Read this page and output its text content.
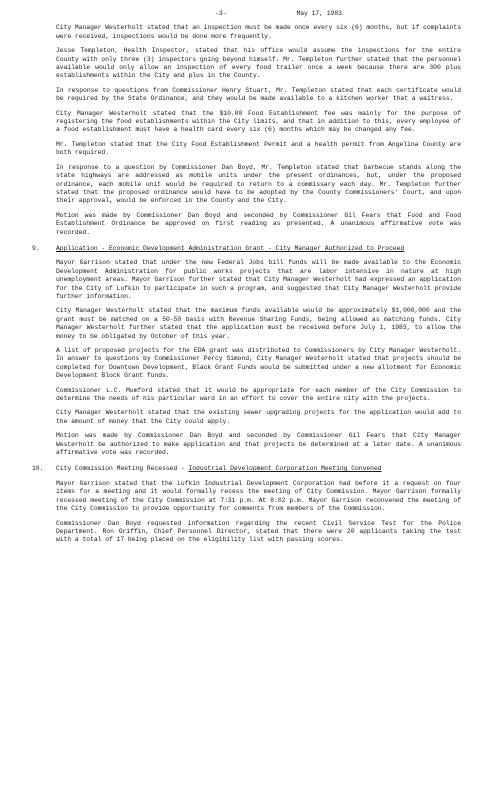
-3-	May 17, 1983

City Manager Westerholt stated that an inspection must be made once every six (6) months, but if complaints were received, inspections would be done more frequently.

Jesse Templeton, Health Inspector, stated that his office would assume the inspections for the entire County with only three (3) inspectors going beyond himself. Mr. Templeton further stated that the personnel available would only allow an inspection of every food trailer once a week because there are 300 plus establishments within the City and plus in the County.

In response to questions from Commissioner Henry Stuart, Mr. Templeton stated that each certificate would be required by the State Ordinance, and they would be made available to a kitchen worker that a waitress.

City Manager Westerholt stated that the $10.00 Food Establishment fee was mainly for the purpose of registering the food establishments within the City limits, and that in addition to this, every employee of a food establishment must have a health card every six (6) months which may be changed any fee.

Mr. Templeton stated that the City Food Establishment Permit and a health permit from Angelina County are both required.

In response to a question by Commissioner Dan Boyd, Mr. Templeton stated that barbecue stands along the state highways are addressed as mobile units under the present ordinances, but, under the proposed ordinance, each mobile unit would be required to return to a commissary each day. Mr. Templeton further stated that the proposed ordinance would have to be adopted by the County Commissioners' Court, and upon their approval, would be enforced in the County and the City.

Motion was made by Commissioner Dan Boyd and seconded by Commissioner Gil Fears that Food and Food Establishment Ordinance be approved on first reading as presented. A unanimous affirmative vote was recorded.

9.	Application - Economic Development Administration Grant - City Manager Authorized to Proceed

Mayor Garrison stated that under the new Federal Jobs bill funds will be made available to the Economic Development Administration for public works projects that are labor intensive in nature at high unemployment areas. Mayor Garrison further stated that City Manager Westerholt had expressed an application for the City of Lufkin to participate in such a program, and suggested that City Manager Westerholt provide further information.

City Manager Westerholt stated that the maximum funds available would be approximately $1,000,000 and the grant must be matched on a 50-50 basis with Revenue Sharing Funds, being allowed as matching funds. City Manager Westerholt further stated that the application must be received before July 1, 1983, to allow the money to be obligated by October of this year.

A list of proposed projects for the EDA grant was distributed to Commissioners by City Manager Westerholt. In answer to questions by Commissioner Percy Simond, City Manager Westerholt stated that projects should be completed for Downtown Development, Black Grant Funds would be submitted under a new allotment for Economic Development Block Grant funds.

Commissioner L.C. Mumford stated that it would be appropriate for each member of the City Commission to determine the needs of his particular ward in an effort to cover the entire city with the projects.

City Manager Westerholt stated that the existing sewer upgrading projects for the application would add to the amount of money that the City could apply.

Motion was made by Commissioner Dan Boyd and seconded by Commissioner Gil Fears that City Manager Westerholt be authorized to make application and that projects be determined at a later date. A unanimous affirmative vote was recorded.

10. City Commission Meeting Recessed - Industrial Development Corporation Meeting Convened

Mayor Garrison stated that the Lufkin Industrial Development Corporation had before it a request on four items for a meeting and it would formally recess the meeting of City Commission. Mayor Garrison formally recessed meeting of the City Commission at 7:31 p.m. At 8:02 p.m. Mayor Garrison reconvened the meeting of the City Commission to provide opportunity for comments from members of the Commission.

Commissioner Dan Boyd requested information regarding the recent Civil Service Test for the Police Department. Ron Griffin, Chief Personnel Director, stated that there were 20 applicants taking the test with a total of 17 being placed on the eligibility list with passing scores.
